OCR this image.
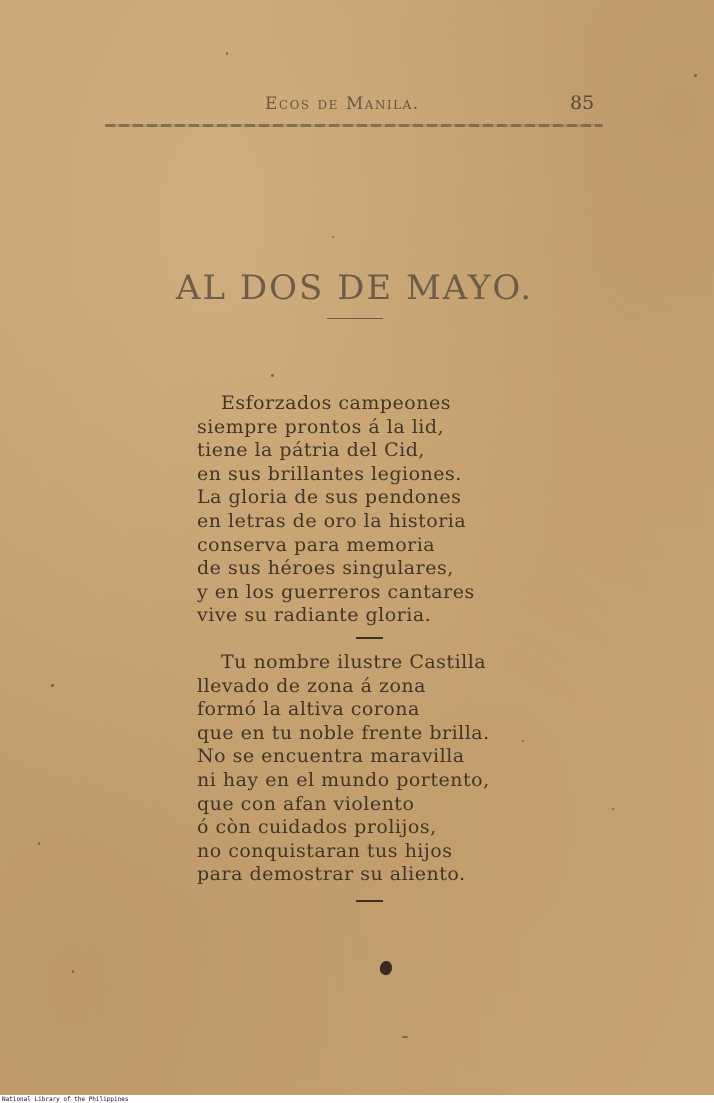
Ecos de Manila.	85
AL DOS DE MAYO.
Esforzados campeones
siempre prontos á la lid,
tiene la pátria del Cid,
en sus brillantes legiones.
La gloria de sus pendones
en letras de oro la historia
conserva para memoria
de sus héroes singulares,
y en los guerreros cantares
vive su radiante gloria.
Tu nombre ilustre Castilla
llevado de zona á zona
formó la altiva corona
que en tu noble frente brilla.
No se encuentra maravilla
ni hay en el mundo portento,
que con afan violento
ó còn cuidados prolijos,
no conquistaran tus hijos
para demostrar su aliento.
National Library of the Philippines
